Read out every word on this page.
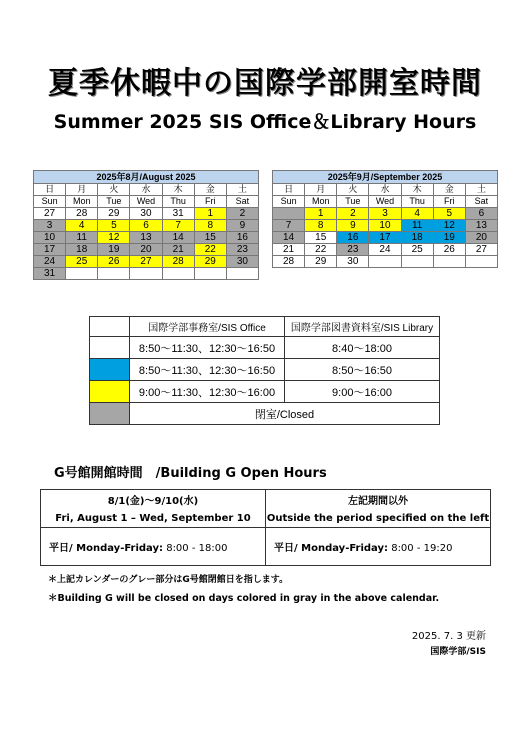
夏季休暇中の国際学部開室時間
Summer 2025 SIS Office＆Library Hours
2025年8月/August 2025						
日	月	火	水	木	金	土
Sun	Mon	Tue	Wed	Thu	Fri	Sat
27	28	29	30	31	1	2
3	4	5	6	7	8	9
10	11	12	13	14	15	16
17	18	19	20	21	22	23
24	25	26	27	28	29	30
31						
2025年9月/September 2025						
日	月	火	水	木	金	土
Sun	Mon	Tue	Wed	Thu	Fri	Sat
	1	2	3	4	5	6
7	8	9	10	11	12	13
14	15	16	17	18	19	20
21	22	23	24	25	26	27
28	29	30				
	国際学部事務室/SIS Office	国際学部図書資料室/SIS Library
	8:50～11:30、12:30～16:50	8:40～18:00
	8:50～11:30、12:30～16:50	8:50～16:50
	9:00～11:30、12:30～16:00	9:00～16:00
	閉室/Closed	
G号館開館時間　/Building G Open Hours
8/1(金)～9/10(水)	左記期間以外
Fri, August 1 – Wed, September 10	Outside the period specified on the left
平日/ Monday-Friday: 8:00 - 18:00	平日/ Monday-Friday: 8:00 - 19:20
＊上記カレンダーのグレー部分はG号館閉館日を指します。
＊Building G will be closed on days colored in gray in the above calendar.
2025. 7. 3 更新
国際学部/SIS
